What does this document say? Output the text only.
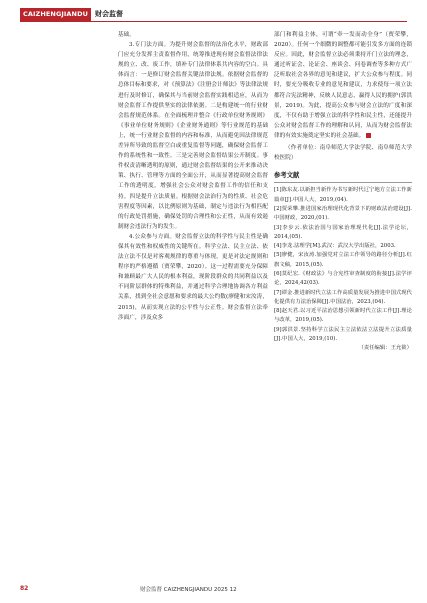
CAIZHENGJIANDU	财会监督

基础。

3.专门法方面。为提升财会监督的法治化水平，财政部门应充分发挥主责监督作用，统筹推进现有财会监督法律法规的立、改、废工作，填补专门法律体系共内容的空白。具体而言：一是修订财会监督关键法律法规。依据财会监督的总体目标和要求，对《预算法》《注册会计师法》等法律法规进行及时修订，确保其与当前财会监督实践相适应，从而为财会监督工作提供坚实的法律依据。二是构建统一的行业财会监督规范体系。在全面梳理并整合《行政单位财务规则》《事业单位财务规则》《企业财务通则》等行业规范的基础上，统一行业财会监督的内容和标准，从而避免因法律规范差异所导致的监督空白或重复监督等问题，确保财会监督工作的系统性和一致性。三是完善财会监督结果公开制度。事件权责清晰透明的原则，通过财会监督结果的公开来推动决策、执行、管理等方面的全面公开，从而显著提高财会监督工作的透明度，增强社会公众对财会监督工作的信任和支持。四是提升立法质量。根据财会法治行为的性质、社会危害程度等因素，以比例原则为基础，制定与违法行为相匹配的行政处罚措施，确保处罚的合理性和公正性，从而有效遏制财会违法行为的发生。

4.公众参与方面。财会监督立法的科学性与民主性是确保其有效性和权威性的关键所在。科学立法、民主立法、依法立法不仅是对客观规律的尊重与体现，更是对法定规则和程序的严格遵循（贾荣攀，2020）。这一过程需要充分保障和兼顾最广大人民的根本利益，现阶段群众的共同利益以及不同阶层群体的特殊利益，并通过科学合理地协调各方利益关系，找到全社会意愿和要求的最大公约数(廖健和宋汝涛，2015)，从而实现立法的公平性与公正性。财会监督立法牵涉面广，涉及众多

部门和利益主体，可谓“牵一发而动全身”（贾荣攀，2020）。任何一个细微的调整都可能引发多方面的连锁反应。因此，财会监督立法必须秉持开门立法的理念，通过听证会、论证会、座谈会、问卷调查等多种方式广泛听取社会各界的意见和建议，扩大公众参与程度。同时，要充分吸收专业的意见和建议，力求使每一项立法都符合宪法精神，反映人民意志，赢得人民的拥护(郭洪景，2019)。为此，提高公众参与财会立法的广度和深度，不仅有助于增强立法的科学性和民主性，还能提升公众对财会监督工作的理解和认同，从而为财会监督法律的有效实施奠定坚实的社会基础。

（作者单位：南阜师范大学法学院、南阜师范大学校医院）

参考文献

[1]陈东友.以新担当新作为书写新时代辽宁地方立法工作新篇章[J].中国人大，2019,(04).

[2]贾荣攀.推进国家治理现代化背景下的财政法治建设[J].中国财政，2020,(01).

[3]李步云.依法治国与国家治理现代化[J].法学论坛，2014,(05).

[4]李龙.法理学[M].武汉：武汉大学出版社，2003.

[5]廖健，宋汝涛.加强党对立法工作领导的路径分析[J].红旗文稿，2015,(05).

[6]莫纪宏.《财政法》与合宪性审查制度的衔接[J].法学评论，2024,42(03).

[7]谭金.推进新时代立法工作高质量发展为推进中国式现代化提供有力法治保障[J].中国法治，2023,(04).

[8]赵天君.以习近平法治思想引领新时代立法工作[J].理论与改革，2019,(05).

[9]郭洪景.坚持科学立法民主立法依法立法提升立法质量[J].中国人大，2019,(10).

（责任编辑：王允筱）

82	财会监督 CAIZHENGJIANDU 2025 12
